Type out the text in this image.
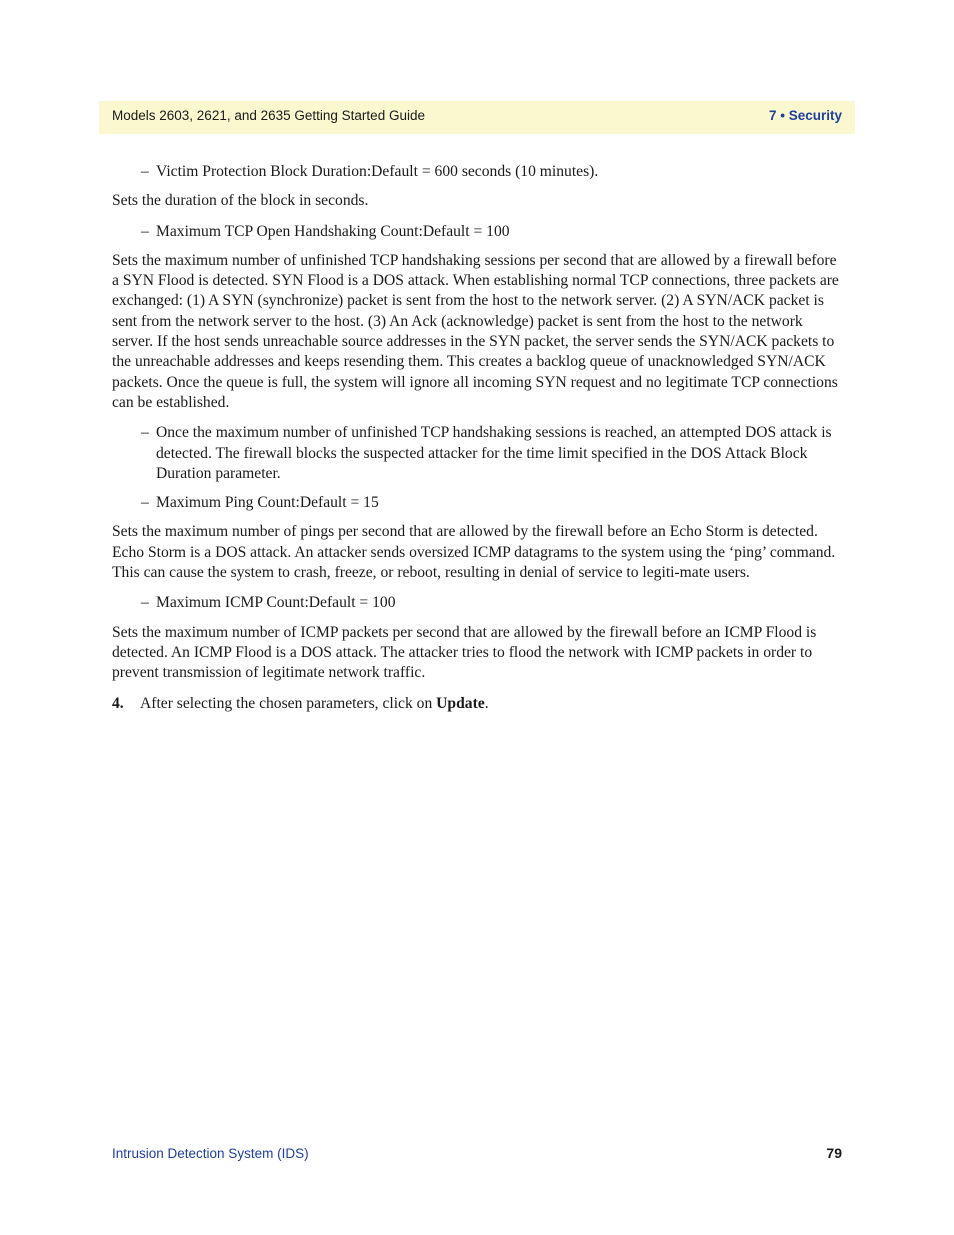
Models 2603, 2621, and 2635 Getting Started Guide	7 • Security
– Victim Protection Block Duration:Default = 600 seconds (10 minutes).

Sets the duration of the block in seconds.

– Maximum TCP Open Handshaking Count:Default = 100

Sets the maximum number of unfinished TCP handshaking sessions per second that are allowed by a firewall before a SYN Flood is detected. SYN Flood is a DOS attack. When establishing normal TCP connections, three packets are exchanged: (1) A SYN (synchronize) packet is sent from the host to the network server. (2) A SYN/ACK packet is sent from the network server to the host. (3) An Ack (acknowledge) packet is sent from the host to the network server. If the host sends unreachable source addresses in the SYN packet, the server sends the SYN/ACK packets to the unreachable addresses and keeps resending them. This creates a backlog queue of unacknowledged SYN/ACK packets. Once the queue is full, the system will ignore all incoming SYN request and no legitimate TCP connections can be established.

– Once the maximum number of unfinished TCP handshaking sessions is reached, an attempted DOS attack is detected. The firewall blocks the suspected attacker for the time limit specified in the DOS Attack Block Duration parameter.
– Maximum Ping Count:Default = 15

Sets the maximum number of pings per second that are allowed by the firewall before an Echo Storm is detected. Echo Storm is a DOS attack. An attacker sends oversized ICMP datagrams to the system using the ‘ping’ command. This can cause the system to crash, freeze, or reboot, resulting in denial of service to legiti-mate users.

– Maximum ICMP Count:Default = 100

Sets the maximum number of ICMP packets per second that are allowed by the firewall before an ICMP Flood is detected. An ICMP Flood is a DOS attack. The attacker tries to flood the network with ICMP packets in order to prevent transmission of legitimate network traffic.

4. After selecting the chosen parameters, click on Update.
Intrusion Detection System (IDS)	79
